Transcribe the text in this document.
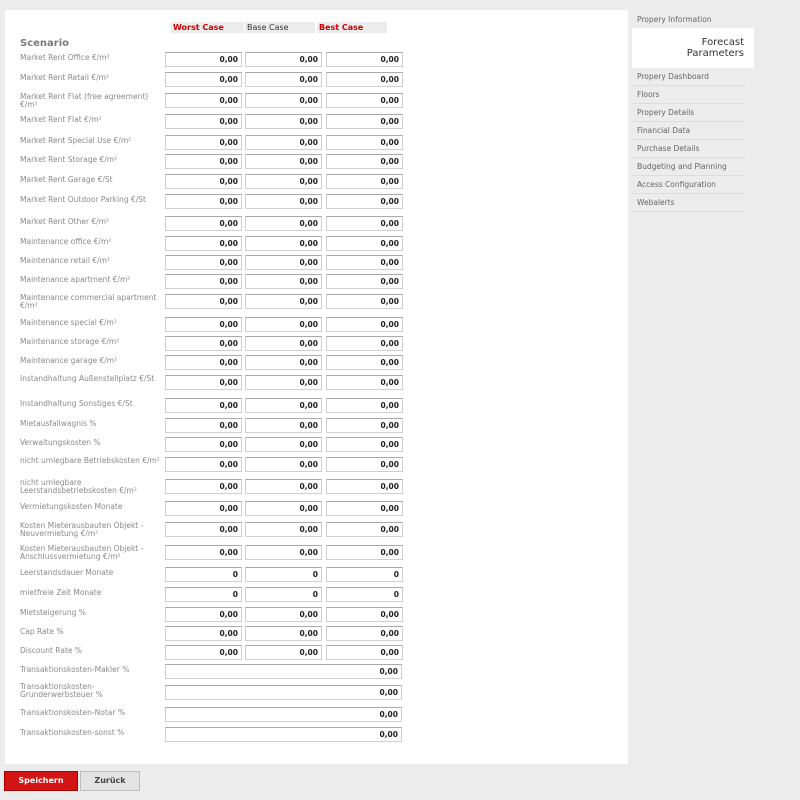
Worst Case	Base Case	Best Case
Scenario
Market Rent Office €/m²	0,00	0,00	0,00
Market Rent Retail €/m²	0,00	0,00	0,00
Market Rent Flat (free agreement) €/m²	0,00	0,00	0,00
Market Rent Flat €/m²	0,00	0,00	0,00
Market Rent Special Use €/m²	0,00	0,00	0,00
Market Rent Storage €/m²	0,00	0,00	0,00
Market Rent Garage €/St	0,00	0,00	0,00
Market Rent Outdoor Parking €/St	0,00	0,00	0,00
Market Rent Other €/m²	0,00	0,00	0,00
Maintenance office €/m²	0,00	0,00	0,00
Maintenance retail €/m²	0,00	0,00	0,00
Maintenance apartment €/m²	0,00	0,00	0,00
Maintenance commercial apartment €/m²	0,00	0,00	0,00
Maintenance special €/m²	0,00	0,00	0,00
Maintenance storage €/m²	0,00	0,00	0,00
Maintenance garage €/m²	0,00	0,00	0,00
Instandhaltung Außenstellplatz €/St	0,00	0,00	0,00
Instandhaltung Sonstiges €/St	0,00	0,00	0,00
Mietausfallwagnis %	0,00	0,00	0,00
Verwaltungskosten %	0,00	0,00	0,00
nicht umlegbare Betriebskosten €/m²	0,00	0,00	0,00
nicht umlegbare Leerstandsbetriebskosten €/m²	0,00	0,00	0,00
Vermietungskosten Monate	0,00	0,00	0,00
Kosten Mieterausbauten Objekt - Neuvermietung €/m²	0,00	0,00	0,00
Kosten Mieterausbauten Objekt - Anschlussvermietung €/m²	0,00	0,00	0,00
Leerstandsdauer Monate	0	0	0
mietfreie Zeit Monate	0	0	0
Mietsteigerung %	0,00	0,00	0,00
Cap Rate %	0,00	0,00	0,00
Discount Rate %	0,00	0,00	0,00
Transaktionskosten-Makler %	0,00
Transaktionskosten-Grunderwerbsteuer %	0,00
Transaktionskosten-Notar %	0,00
Transaktionskosten-sonst %	0,00
Propery Information
Forecast
Parameters
Propery Dashboard
Floors
Propery Details
Financial Data
Purchase Details
Budgeting and Planning
Access Configuration
Webalerts
Speichern	Zurück
